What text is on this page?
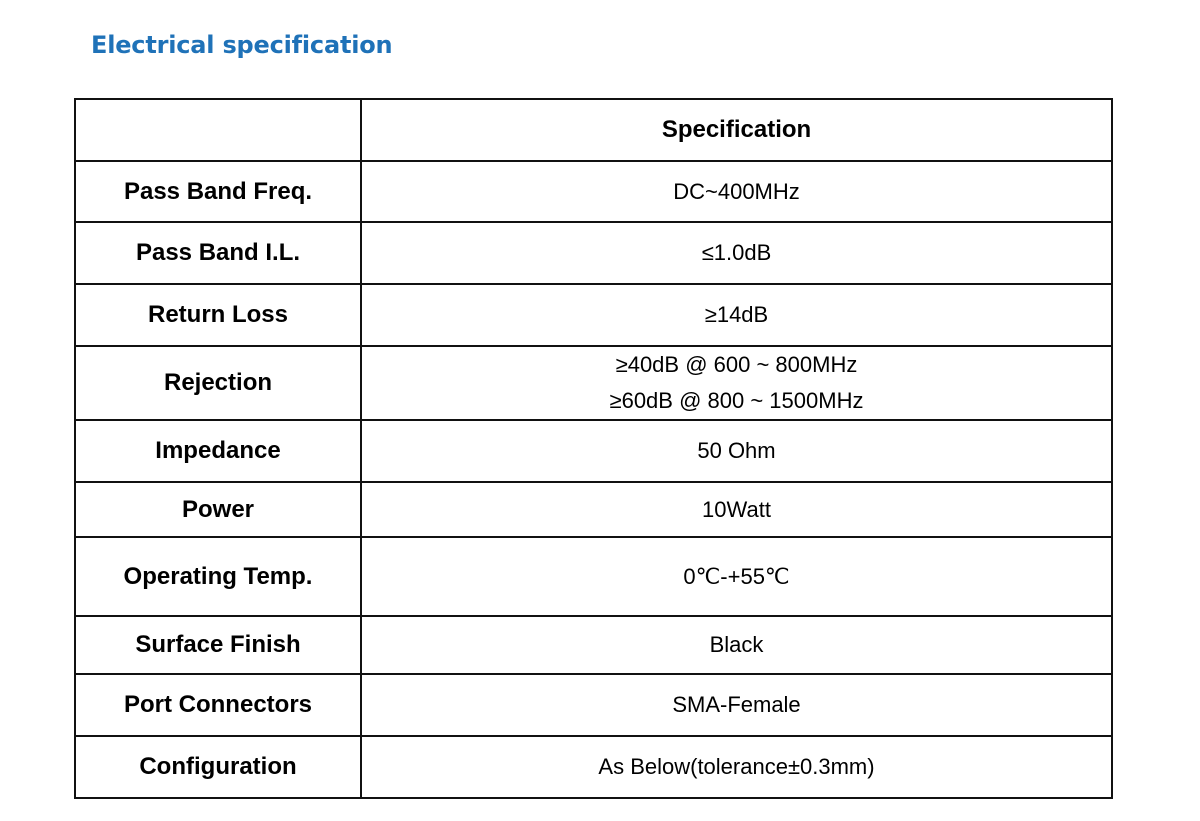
Electrical specification
	Specification
Pass Band Freq.	DC~400MHz

Pass Band I.L.	≤1.0dB

Return Loss	≥14dB

Rejection	≥40dB @ 600 ~ 800MHz
≥60dB @ 800 ~ 1500MHz

Impedance	50 Ohm

Power	10Watt

Operating Temp.	0℃-+55℃

Surface Finish	Black

Port Connectors	SMA-Female

Configuration	As Below(tolerance±0.3mm)
